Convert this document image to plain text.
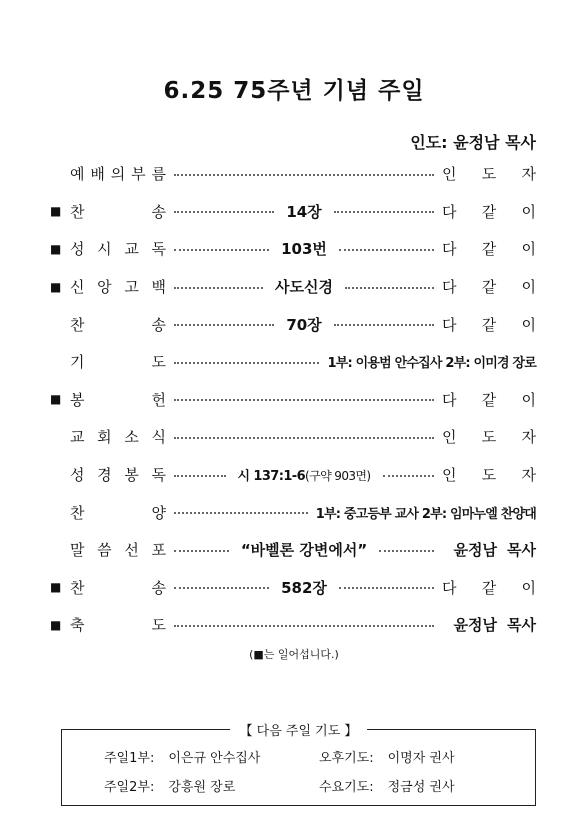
6.25 75주년 기념 주일
인도: 윤정남 목사
예 배 의 부 름	인 도 자
■ 찬	송	14장	다 같 이
■ 성 시 교 독	103번	다 같 이
■ 신 앙 고 백	사도신경	다 같 이
찬	송	70장	다 같 이
기	도	1부: 이용범 안수집사 2부: 이미경 장로
■ 봉	헌	다 같 이
교 회 소 식	인 도 자
성 경 봉 독	시 137:1-6(구약 903면)	인 도 자
찬	양	1부: 중고등부 교사 2부: 임마누엘 찬양대
말 씀 선 포	“바벨론 강변에서”	윤정남 목사
■ 찬	송	582장	다 같 이
■ 축	도	윤정남 목사
(■는 일어섭니다.)
【 다음 주일 기도 】
주일1부: 이은규 안수집사	오후기도: 이명자 권사
주일2부: 강흥원 장로	수요기도: 정금성 권사
